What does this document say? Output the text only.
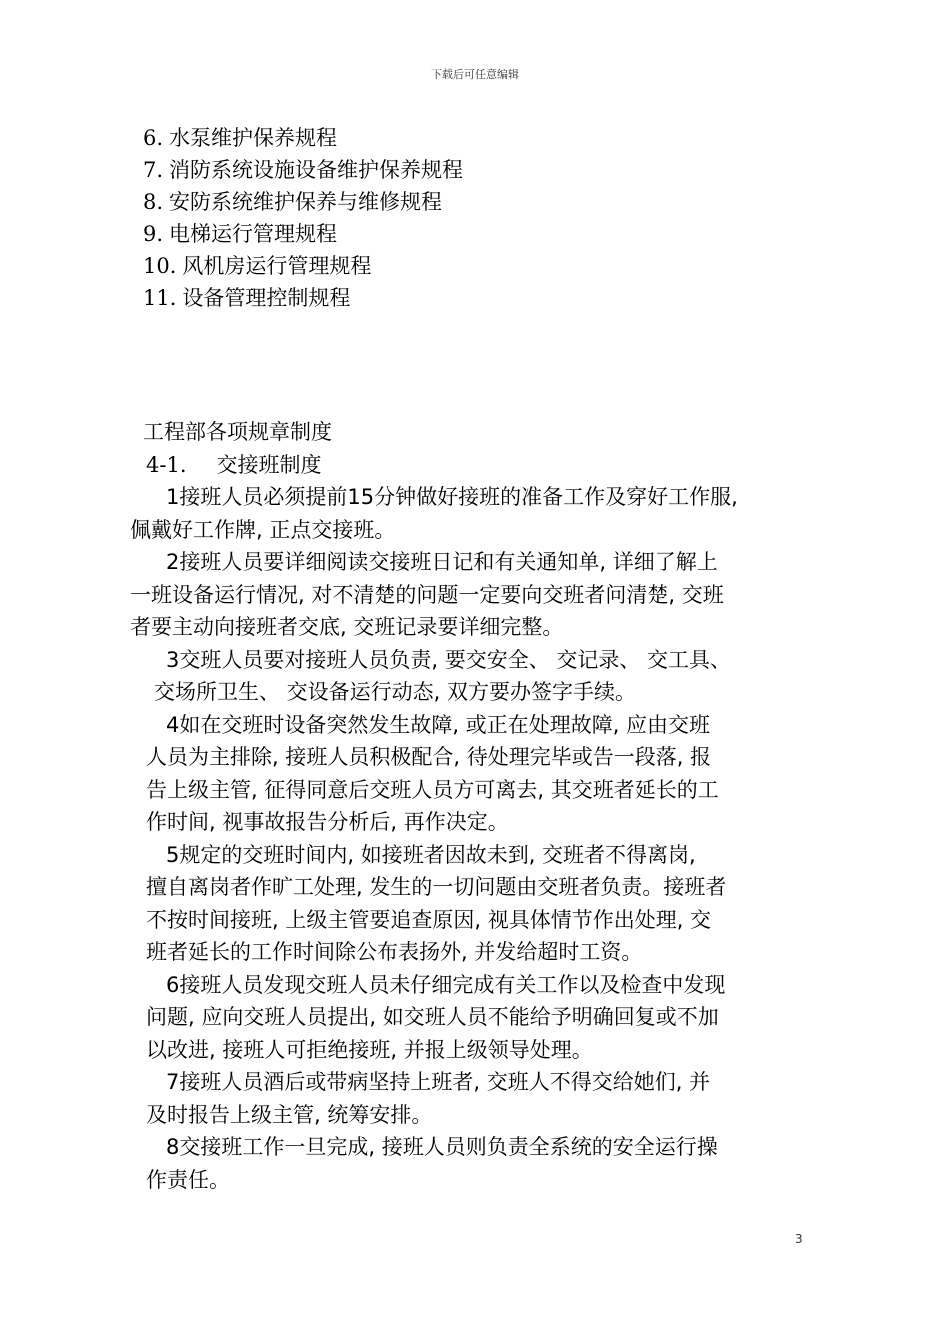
下载后可任意编辑
6. 水泵维护保养规程
7. 消防系统设施设备维护保养规程
8. 安防系统维护保养与维修规程
9. 电梯运行管理规程
10. 风机房运行管理规程
11. 设备管理控制规程
工程部各项规章制度
4-1. 交接班制度

1接班人员必须提前15分钟做好接班的准备工作及穿好工作服,
佩戴好工作牌, 正点交接班。

2接班人员要详细阅读交接班日记和有关通知单, 详细了解上
一班设备运行情况, 对不清楚的问题一定要向交班者问清楚, 交班
者要主动向接班者交底, 交班记录要详细完整。

3交班人员要对接班人员负责, 要交安全、 交记录、 交工具、
交场所卫生、 交设备运行动态, 双方要办签字手续。

4如在交班时设备突然发生故障, 或正在处理故障, 应由交班
人员为主排除, 接班人员积极配合, 待处理完毕或告一段落, 报
告上级主管, 征得同意后交班人员方可离去, 其交班者延长的工
作时间, 视事故报告分析后, 再作决定。

5规定的交班时间内, 如接班者因故未到, 交班者不得离岗,
擅自离岗者作旷工处理, 发生的一切问题由交班者负责。接班者
不按时间接班, 上级主管要追查原因, 视具体情节作出处理, 交
班者延长的工作时间除公布表扬外, 并发给超时工资。

6接班人员发现交班人员未仔细完成有关工作以及检查中发现
问题, 应向交班人员提出, 如交班人员不能给予明确回复或不加
以改进, 接班人可拒绝接班, 并报上级领导处理。

7接班人员酒后或带病坚持上班者, 交班人不得交给她们, 并
及时报告上级主管, 统筹安排。

8交接班工作一旦完成, 接班人员则负责全系统的安全运行操
作责任。

3
